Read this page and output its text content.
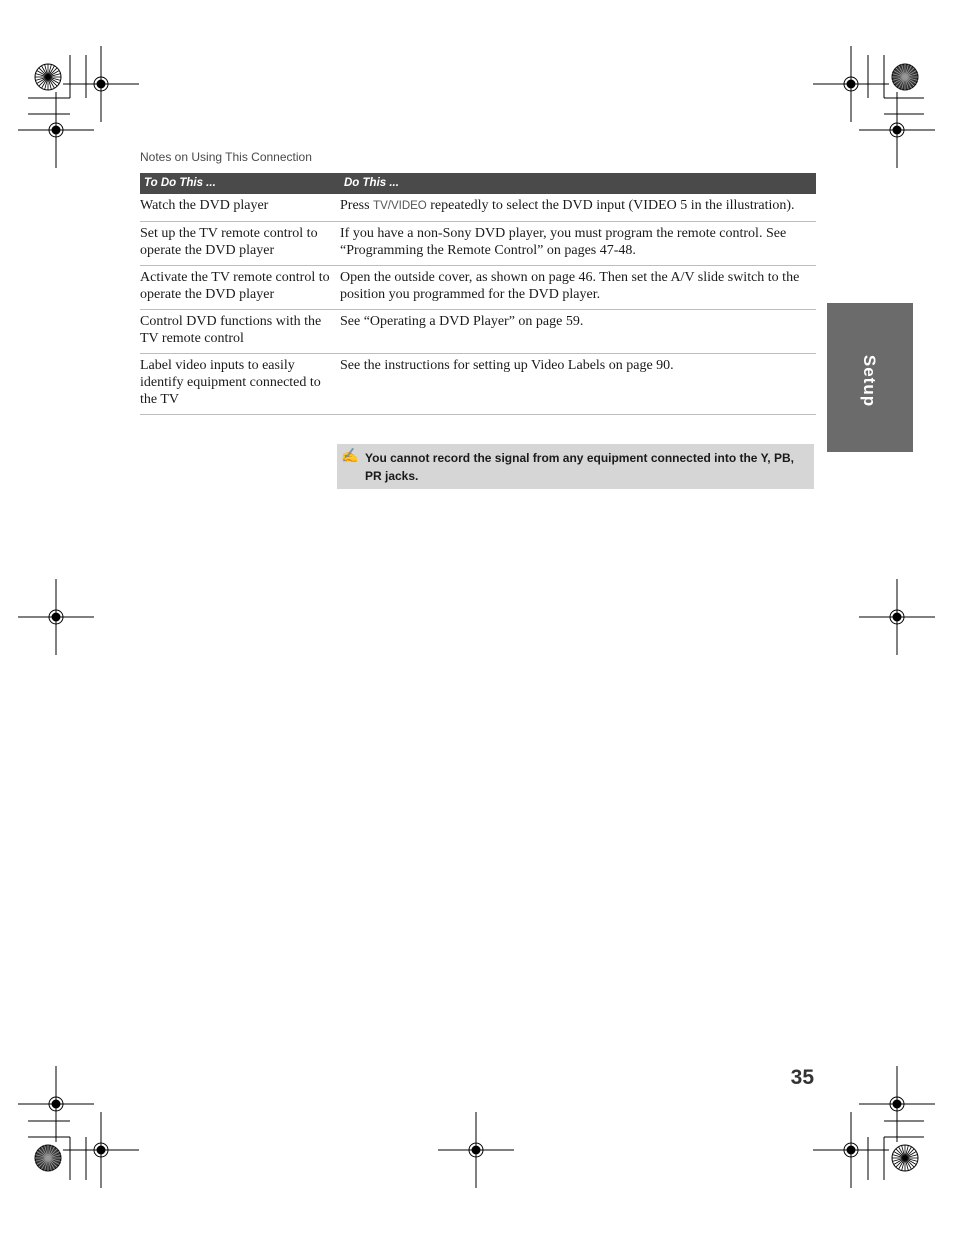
Notes on Using This Connection
To Do This ...	Do This ...
Watch the DVD player	Press TV/VIDEO repeatedly to select the DVD input (VIDEO 5 in the illustration).
Set up the TV remote control to operate the DVD player	If you have a non-Sony DVD player, you must program the remote control. See “Programming the Remote Control” on pages 47-48.
Activate the TV remote control to operate the DVD player	Open the outside cover, as shown on page 46. Then set the A/V slide switch to the position you programmed for the DVD player.
Control DVD functions with the TV remote control	See “Operating a DVD Player” on page 59.
Label video inputs to easily identify equipment connected to the TV	See the instructions for setting up Video Labels on page 90.
✍ You cannot record the signal from any equipment connected into the Y, PB, PR jacks.
Setup
35
